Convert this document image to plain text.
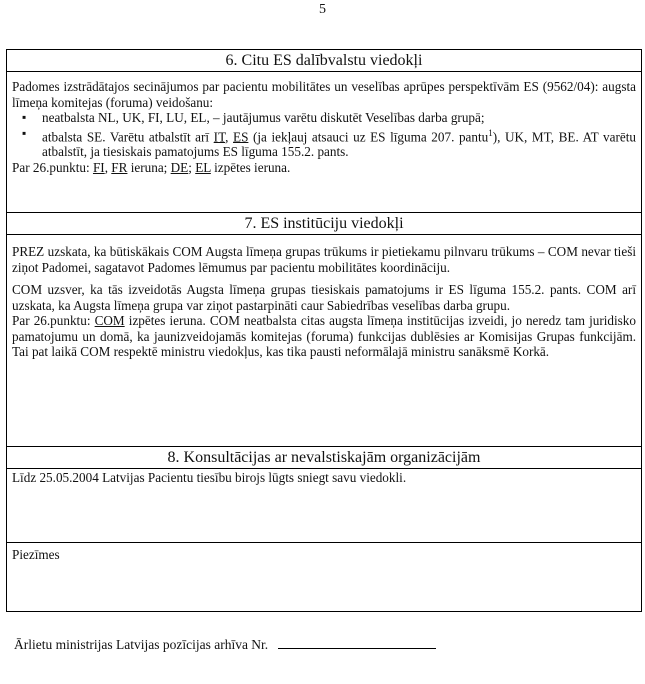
5
6. Citu ES dalībvalstu viedokļi
Padomes izstrādātajos secinājumos par pacientu mobilitātes un veselības aprūpes perspektīvām ES (9562/04): augsta līmeņa komitejas (foruma) veidošanu:
▪ neatbalsta NL, UK, FI, LU, EL, – jautājumus varētu diskutēt Veselības darba grupā;
▪ atbalsta SE. Varētu atbalstīt arī IT, ES (ja iekļauj atsauci uz ES līguma 207. pantu$^1$), UK, MT, BE. AT varētu atbalstīt, ja tiesiskais pamatojums ES līguma 155.2. pants.
Par 26.punktu: FI, FR ieruna; DE; EL izpētes ieruna.
7. ES institūciju viedokļi
PREZ uzskata, ka būtiskākais COM Augsta līmeņa grupas trūkums ir pietiekamu pilnvaru trūkums – COM nevar tieši ziņot Padomei, sagatavot Padomes lēmumus par pacientu mobilitātes koordināciju.
COM uzsver, ka tās izveidotās Augsta līmeņa grupas tiesiskais pamatojums ir ES līguma 155.2. pants. COM arī uzskata, ka Augsta līmeņa grupa var ziņot pastarpināti caur Sabiedrības veselības darba grupu.
Par 26.punktu: COM izpētes ieruna. COM neatbalsta citas augsta līmeņa institūcijas izveidi, jo neredz tam juridisko pamatojumu un domā, ka jaunizveidojamās komitejas (foruma) funkcijas dublēsies ar Komisijas Grupas funkcijām. Tai pat laikā COM respektē ministru viedokļus, kas tika pausti neformālajā ministru sanāksmē Korkā.
8. Konsultācijas ar nevalstiskajām organizācijām
Līdz 25.05.2004 Latvijas Pacientu tiesību birojs lūgts sniegt savu viedokli.
Piezīmes
Ārlietu ministrijas Latvijas pozīcijas arhīva Nr.
